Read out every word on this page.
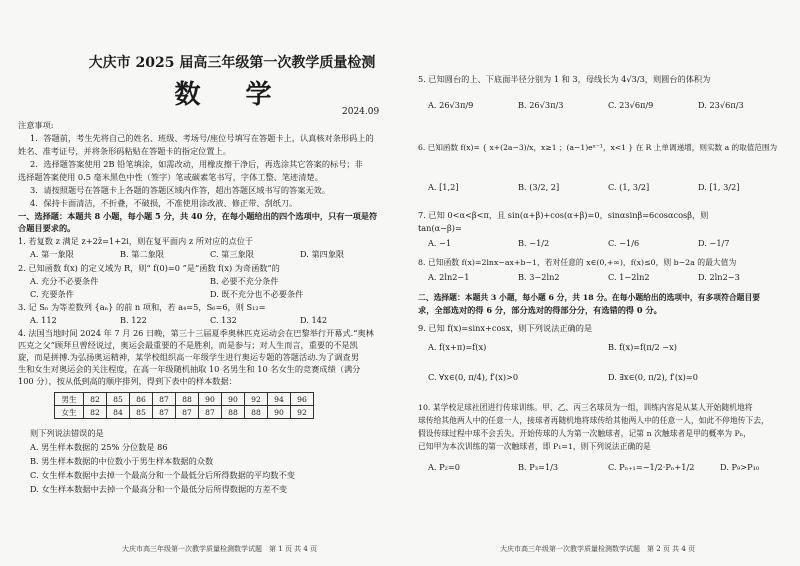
大庆市 2025 届高三年级第一次教学质量检测
数 学
2024.09
注意事项:
1．答题前，考生先将自己的姓名、班级、考场号/座位号填写在答题卡上，认真核对条形码上的
姓名、准考证号，并将条形码粘贴在答题卡的指定位置上。
2．选择题答案使用 2B 铅笔填涂，如需改动，用橡皮擦干净后，再选涂其它答案的标号；非
选择题答案使用 0.5 毫米黑色中性（签字）笔或碳素笔书写，字体工整、笔迹清楚。
3．请按照题号在答题卡上各题的答题区域内作答，超出答题区域书写的答案无效。
4．保持卡面清洁，不折叠，不破损，不准使用涂改液、修正带、刮纸刀。
一、选择题：本题共 8 小题，每小题 5 分，共 40 分，在每小题给出的四个选项中，只有一项是符
合题目要求的。
1. 若复数 z 满足 z+2z̄=1+2i，则在复平面内 z 所对应的点位于
A. 第一象限	B. 第二象限	C. 第三象限	D. 第四象限
2. 已知函数 f(x) 的定义域为 R，则“ f(0)=0 ”是“函数 f(x) 为奇函数”的
A. 充分不必要条件	B. 必要不充分条件
C. 充要条件	D. 既不充分也不必要条件
3. 记 Sₙ 为等差数列 {aₙ} 的前 n 项和，若 a₄=5，S₆=6，则 S₁₂=
A. 112	B. 122	C. 132	D. 142
4. 法国当地时间 2024 年 7 月 26 日晚，第三十三届夏季奥林匹克运动会在巴黎举行开幕式.“奥林
匹克之父”顾拜旦曾经说过，奥运会最重要的不是胜利，而是参与；对人生而言，重要的不是凯
旋，而是拼搏.为弘扬奥运精神，某学校组织高一年级学生进行奥运专题的答题活动.为了调查男
生和女生对奥运会的关注程度，在高一年级随机抽取 10 名男生和 10 名女生的竞赛成绩（满分
100 分），按从低到高的顺序排列，得到下表中的样本数据：
男生	82	85	86	87	88	90	90	92	94	96
女生	82	84	85	87	87	87	88	88	90	92
则下列说法错误的是
A. 男生样本数据的 25% 分位数是 86
B. 男生样本数据的中位数小于男生样本数据的众数
C. 女生样本数据中去掉一个最高分和一个最低分后所得数据的平均数不变
D. 女生样本数据中去掉一个最高分和一个最低分后所得数据的方差不变
大庆市高三年级第一次教学质量检测数学试题　第 1 页 共 4 页
5. 已知圆台的上、下底面半径分别为 1 和 3，母线长为 4√3/3，则圆台的体积为
A. 26√3π/9	B. 26√3π/3	C. 23√6π/9	D. 23√6π/3
6. 已知函数 f(x)= { x+(2a−3)/x，x≥1 ；(a−1)eˣ⁻¹，x<1 } 在 R 上单调递增，则实数 a 的取值范围为
A. [1,2]	B. (3/2, 2]	C. (1, 3/2]	D. [1, 3/2]
7. 已知 0<α<β<π，且 sin(α+β)+cos(α+β)=0，sinαsinβ=6cosαcosβ，则
tan(α−β)=
A. −1	B. −1/2	C. −1/6	D. −1/7
8. 已知函数 f(x)=2lnx−ax+b−1，若对任意的 x∈(0,+∞)，f(x)≤0，则 b−2a 的最大值为
A. 2ln2−1	B. 3−2ln2	C. 1−2ln2	D. 2ln2−3
二、选择题：本题共 3 小题，每小题 6 分，共 18 分。在每小题给出的选项中，有多项符合题目要
求，全部选对的得 6 分，部分选对的得部分分，有选错的得 0 分。
9. 已知 f(x)=sinx+cosx，则下列说法正确的是
A. f(x+π)=f(x)	B. f(x)=f(π/2 −x)
C. ∀x∈(0, π/4), f′(x)>0	D. ∃x∈(0, π/2), f′(x)=0
10. 某学校足球社团进行传球训练。甲、乙、丙三名球员为一组，训练内容是从某人开始随机地将
球传给其他两人中的任意一人，接球者再随机地将球传给其他两人中的任意一人，如此不停地传下去，
假设传球过程中球不会丢失。开始传球的人为第一次触球者，记第 n 次触球者是甲的概率为 Pₙ，
已知甲为本次训练的第一次触球者，即 P₁=1，则下列说法正确的是
A. P₂=0	B. P₃=1/3	C. Pₙ₊₁=−1/2·Pₙ+1/2	D. P₉>P₁₀
大庆市高三年级第一次教学质量检测数学试题　第 2 页 共 4 页
